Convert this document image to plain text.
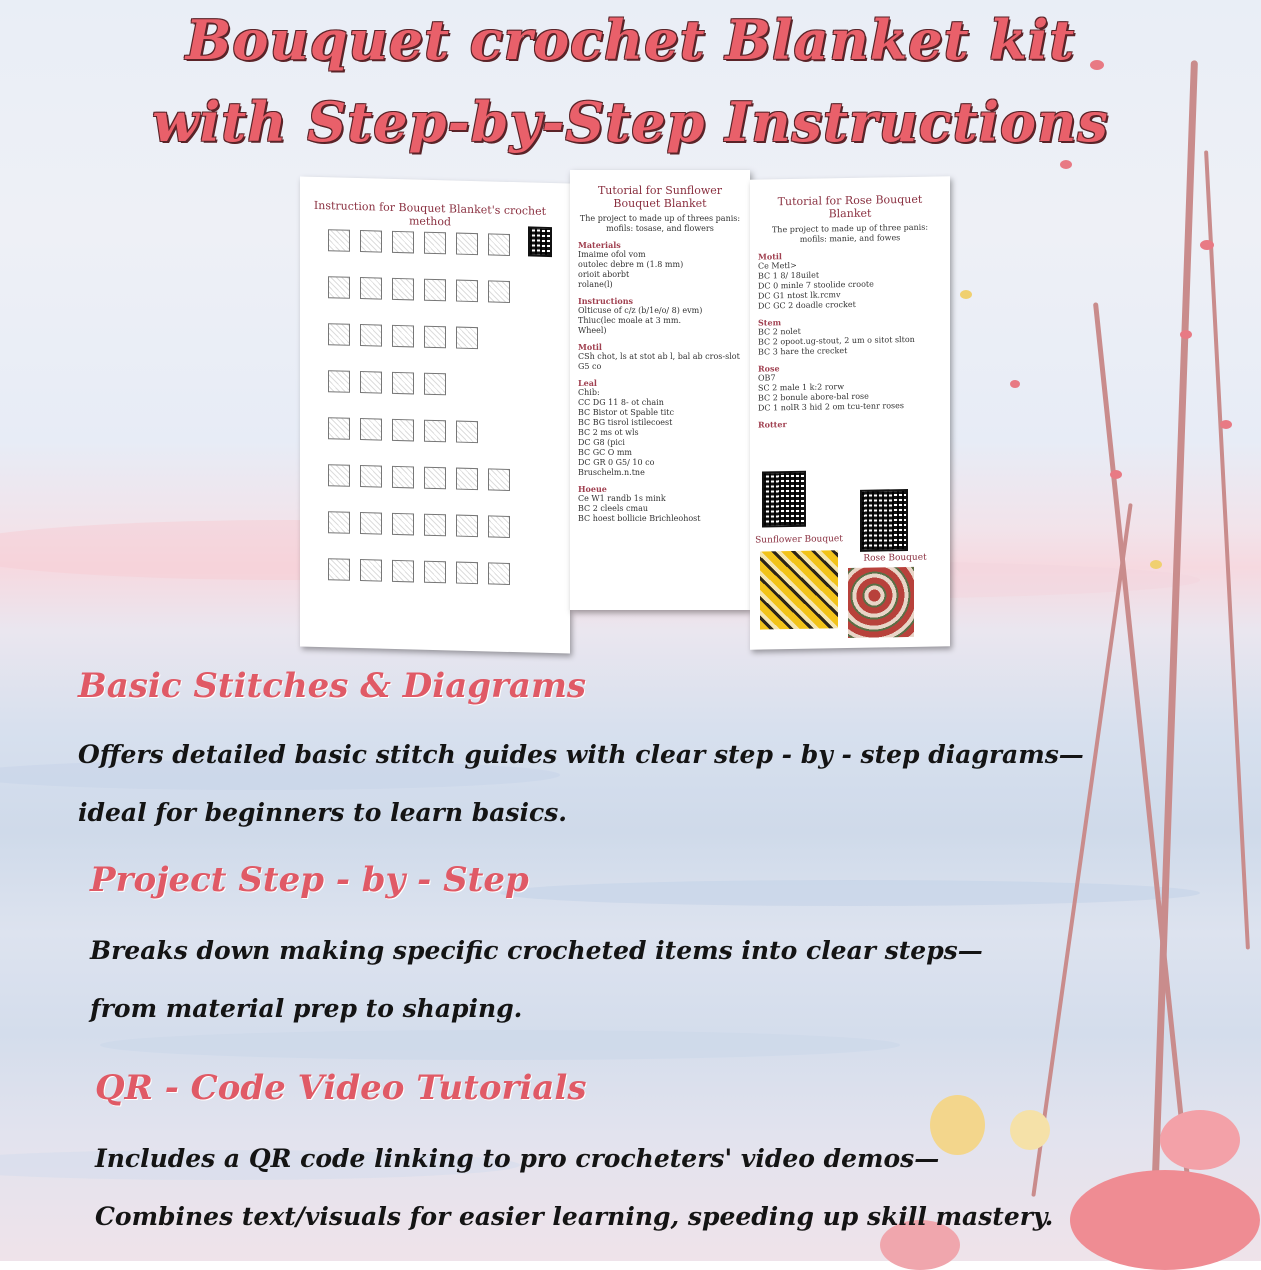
Bouquet crochet Blanket kit
with Step-by-Step Instructions
Instruction for Bouquet Blanket's crochet method
Tutorial for Sunflower Bouquet Blanket
The project to made up of threes panis: mofils: tosase, and flowers
Materials
Imaime ofol vom
outolec debre m (1.8 mm)
orioit aborbt
rolane(l)
Instructions
Olticuse of c/z (b/1e/o/ 8) evm)
Thiuc(lec moale at 3 mm.
Wheel)
Motil
CSh chot, ls at stot ab l, bal ab cros-slot
G5 co
Leal
Chib:
CC DG 11 8- ot chain
BC Bistor ot Spable titc
BC BG tisrol istilecoest
BC 2 ms ot wls
DC G8 (pici
BC GC O mm
DC GR 0 G5/ 10 co
Bruschelm.n.tne
Hoeue
Ce W1 randb 1s mink
BC 2 cleels cmau
BC hoest bollicie Brichleohost
Tutorial for Rose Bouquet Blanket
The project to made up of three panis: mofils: manie, and fowes
Motil
Ce Metl>
BC 1 8/ 18uilet
DC 0 minle 7 stoolide croote
DC G1 ntost lk.rcmv
DC GC 2 doadle crocket
Stem
BC 2 nolet
BC 2 opoot.ug-stout, 2 um o sitot slton
BC 3 hare the crecket
Rose
OB7
SC 2 male 1 k:2 rorw
BC 2 bonule abore-bal rose
DC 1 nolR 3 hid 2 om tcu-tenr roses
Rotter
Sunflower Bouquet
Rose Bouquet
Basic Stitches & Diagrams
Offers detailed basic stitch guides with clear step - by - step diagrams—
ideal for beginners to learn basics.
Project Step - by - Step
Breaks down making specific crocheted items into clear steps—
from material prep to shaping.
QR - Code Video Tutorials
Includes a QR code linking to pro crocheters' video demos—
Combines text/visuals for easier learning, speeding up skill mastery.
